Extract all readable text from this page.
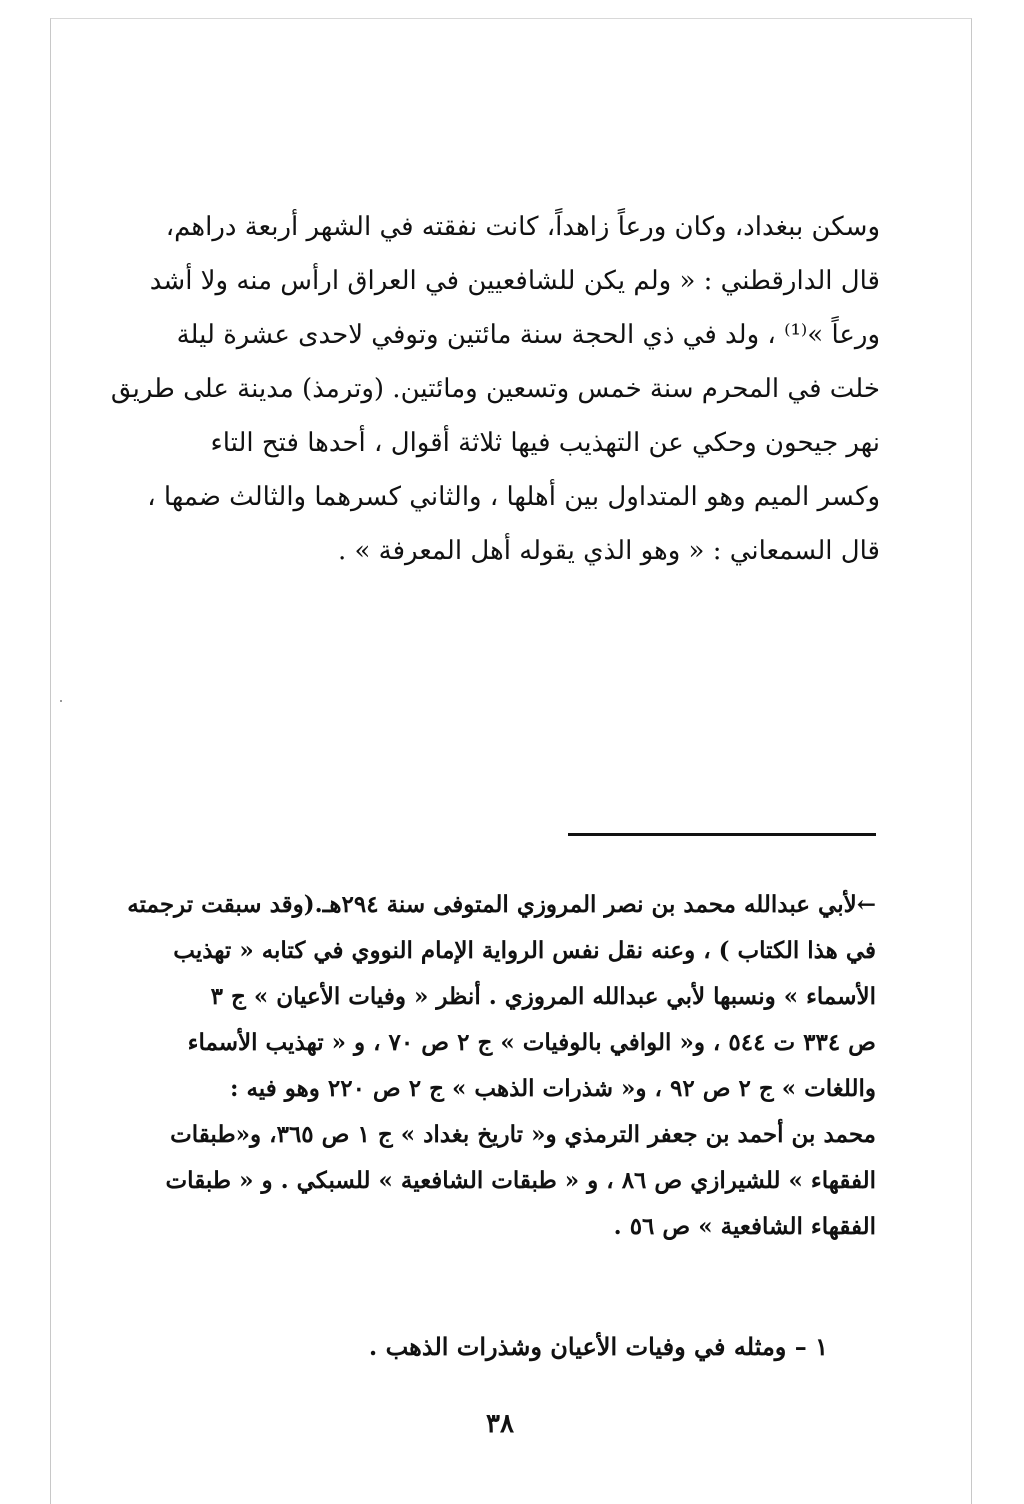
وسكن ببغداد، وكان ورعاً زاهداً، كانت نفقته في الشهر أربعة دراهم،
قال الدارقطني : « ولم يكن للشافعيين في العراق ارأس منه ولا أشد
ورعاً »⁽¹⁾ ، ولد في ذي الحجة سنة مائتين وتوفي لاحدى عشرة ليلة
خلت في المحرم سنة خمس وتسعين ومائتين. (وترمذ) مدينة على طريق
نهر جيحون وحكي عن التهذيب فيها ثلاثة أقوال ، أحدها فتح التاء
وكسر الميم وهو المتداول بين أهلها ، والثاني كسرهما والثالث ضمها ،
قال السمعاني : « وهو الذي يقوله أهل المعرفة » .
←لأبي عبدالله محمد بن نصر المروزي المتوفى سنة ٢٩٤هـ.(وقد سبقت ترجمته
في هذا الكتاب ) ، وعنه نقل نفس الرواية الإمام النووي في كتابه « تهذيب
الأسماء » ونسبها لأبي عبدالله المروزي . أنظر « وفيات الأعيان » ج ٣
ص ٣٣٤ ت ٥٤٤ ، و« الوافي بالوفيات » ج ٢ ص ٧٠ ، و « تهذيب الأسماء
واللغات » ج ٢ ص ٩٢ ، و« شذرات الذهب » ج ٢ ص ٢٢٠ وهو فيه :
محمد بن أحمد بن جعفر الترمذي و« تاريخ بغداد » ج ١ ص ٣٦٥، و«طبقات
الفقهاء » للشيرازي ص ٨٦ ، و « طبقات الشافعية » للسبكي . و « طبقات
الفقهاء الشافعية » ص ٥٦ .
١ – ومثله في وفيات الأعيان وشذرات الذهب .
٣٨
